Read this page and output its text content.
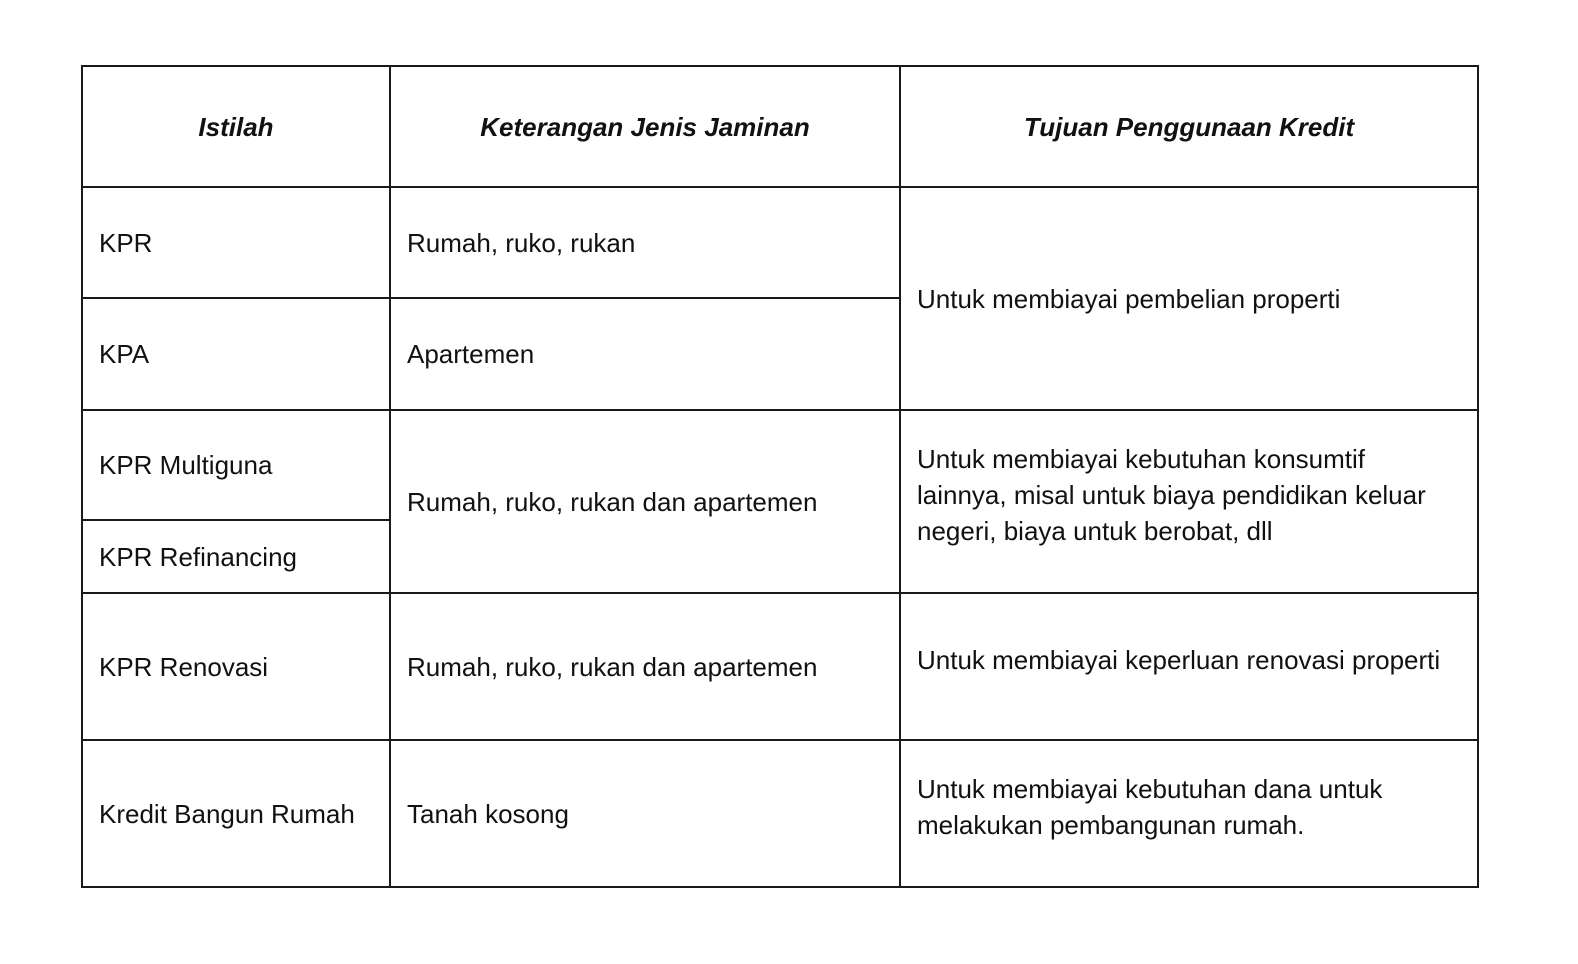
Istilah	Keterangan Jenis Jaminan	Tujuan Penggunaan Kredit
KPR	Rumah, ruko, rukan	Untuk membiayai pembelian properti
KPA	Apartemen	
KPR Multiguna	Rumah, ruko, rukan dan apartemen	Untuk membiayai kebutuhan konsumtif lainnya, misal untuk biaya pendidikan keluar negeri, biaya untuk berobat, dll
KPR Refinancing		
KPR Renovasi	Rumah, ruko, rukan dan apartemen	Untuk membiayai keperluan renovasi properti
Kredit Bangun Rumah	Tanah kosong	Untuk membiayai kebutuhan dana untuk melakukan pembangunan rumah.
